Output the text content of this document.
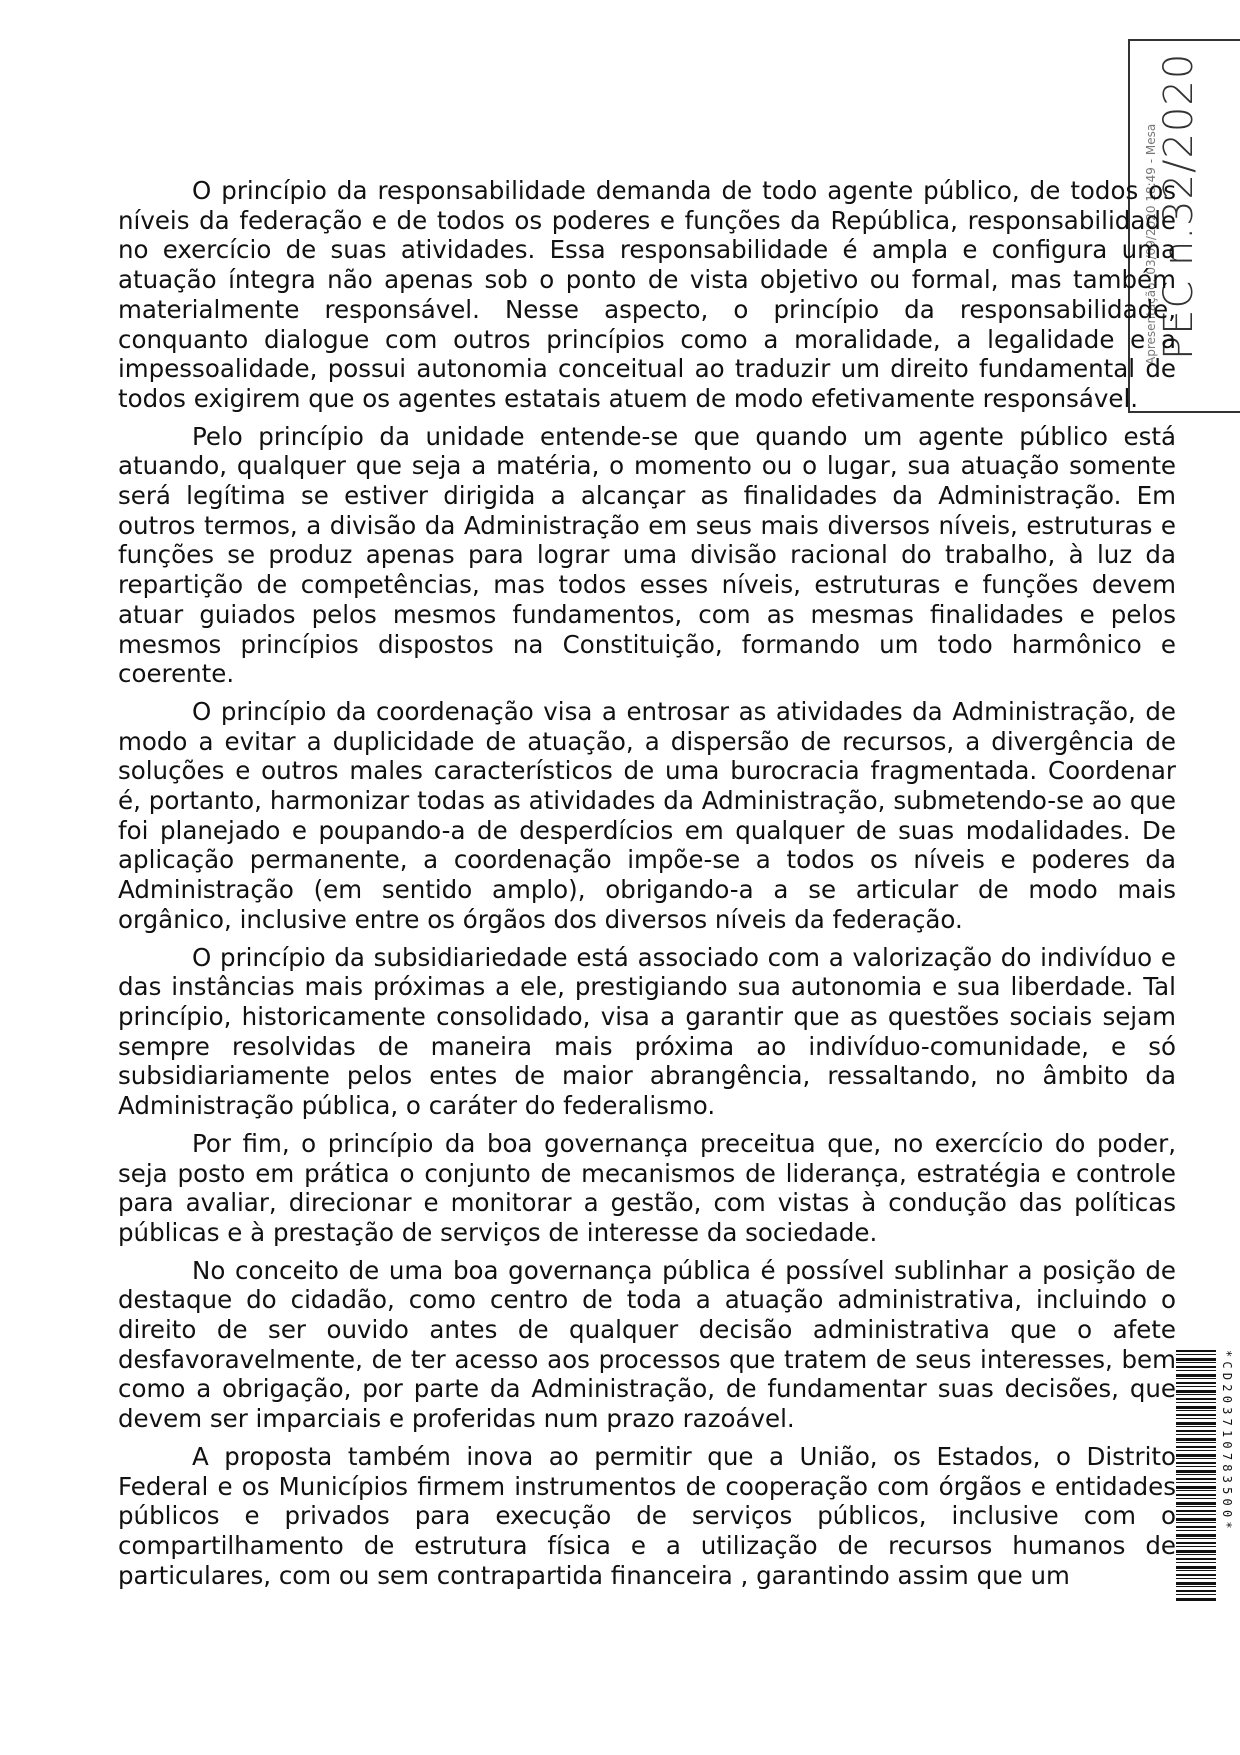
PEC n.32/2020
Apresentação: 03/09/2020 18:49 - Mesa

O princípio da responsabilidade demanda de todo agente público, de todos os níveis da federação e de todos os poderes e funções da República, responsabilidade no exercício de suas atividades. Essa responsabilidade é ampla e configura uma atuação íntegra não apenas sob o ponto de vista objetivo ou formal, mas também materialmente responsável. Nesse aspecto, o princípio da responsabilidade, conquanto dialogue com outros princípios como a moralidade, a legalidade e a impessoalidade, possui autonomia conceitual ao traduzir um direito fundamental de todos exigirem que os agentes estatais atuem de modo efetivamente responsável.

Pelo princípio da unidade entende-se que quando um agente público está atuando, qualquer que seja a matéria, o momento ou o lugar, sua atuação somente será legítima se estiver dirigida a alcançar as finalidades da Administração. Em outros termos, a divisão da Administração em seus mais diversos níveis, estruturas e funções se produz apenas para lograr uma divisão racional do trabalho, à luz da repartição de competências, mas todos esses níveis, estruturas e funções devem atuar guiados pelos mesmos fundamentos, com as mesmas finalidades e pelos mesmos princípios dispostos na Constituição, formando um todo harmônico e coerente.

O princípio da coordenação visa a entrosar as atividades da Administração, de modo a evitar a duplicidade de atuação, a dispersão de recursos, a divergência de soluções e outros males característicos de uma burocracia fragmentada. Coordenar é, portanto, harmonizar todas as atividades da Administração, submetendo-se ao que foi planejado e poupando-a de desperdícios em qualquer de suas modalidades. De aplicação permanente, a coordenação impõe-se a todos os níveis e poderes da Administração (em sentido amplo), obrigando-a a se articular de modo mais orgânico, inclusive entre os órgãos dos diversos níveis da federação.

O princípio da subsidiariedade está associado com a valorização do indivíduo e das instâncias mais próximas a ele, prestigiando sua autonomia e sua liberdade. Tal princípio, historicamente consolidado, visa a garantir que as questões sociais sejam sempre resolvidas de maneira mais próxima ao indivíduo-comunidade, e só subsidiariamente pelos entes de maior abrangência, ressaltando, no âmbito da Administração pública, o caráter do federalismo.

Por fim, o princípio da boa governança preceitua que, no exercício do poder, seja posto em prática o conjunto de mecanismos de liderança, estratégia e controle para avaliar, direcionar e monitorar a gestão, com vistas à condução das políticas públicas e à prestação de serviços de interesse da sociedade.

No conceito de uma boa governança pública é possível sublinhar a posição de destaque do cidadão, como centro de toda a atuação administrativa, incluindo o direito de ser ouvido antes de qualquer decisão administrativa que o afete desfavoravelmente, de ter acesso aos processos que tratem de seus interesses, bem como a obrigação, por parte da Administração, de fundamentar suas decisões, que devem ser imparciais e proferidas num prazo razoável.

A proposta também inova ao permitir que a União, os Estados, o Distrito Federal e os Municípios firmem instrumentos de cooperação com órgãos e entidades públicos e privados para execução de serviços públicos, inclusive com o compartilhamento de estrutura física e a utilização de recursos humanos de particulares, com ou sem contrapartida financeira , garantindo assim que um

*CD203710783500*
